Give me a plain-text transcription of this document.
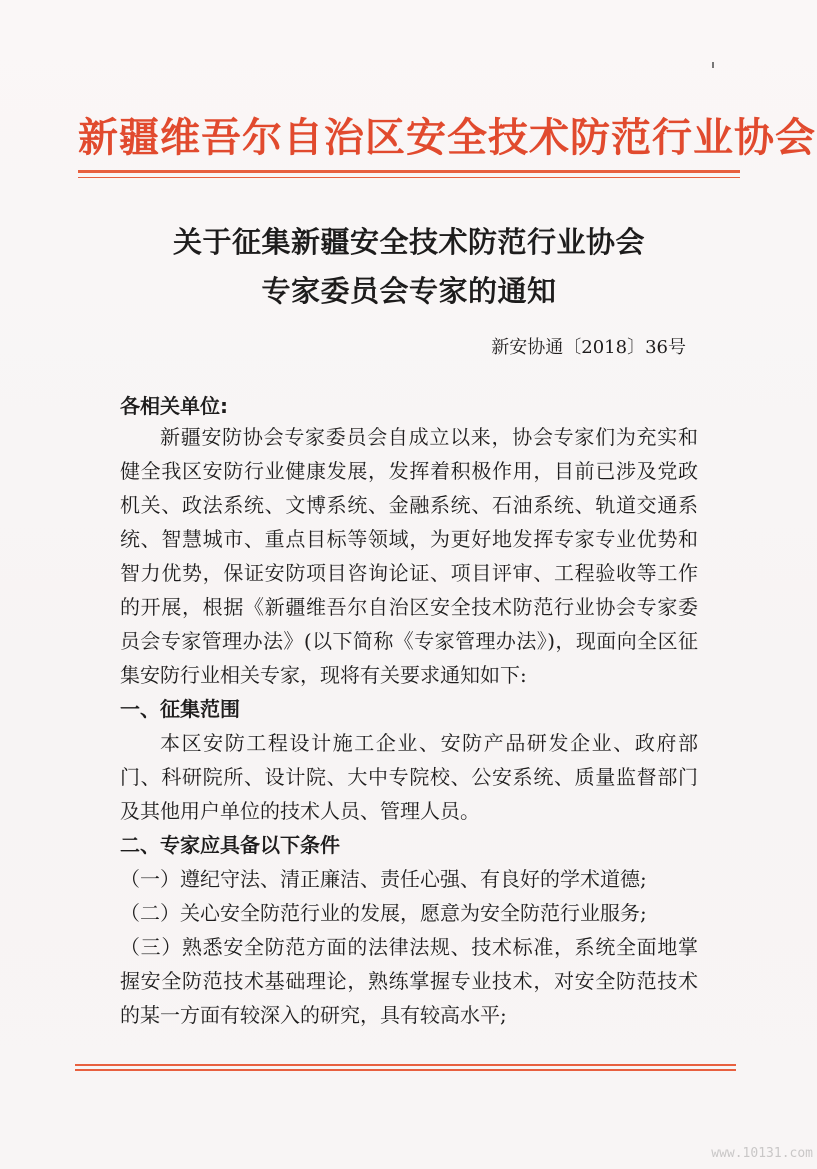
新疆维吾尔自治区安全技术防范行业协会
关于征集新疆安全技术防范行业协会
专家委员会专家的通知
新安协通〔2018〕36号
各相关单位:

新疆安防协会专家委员会自成立以来，协会专家们为充实和健全我区安防行业健康发展，发挥着积极作用，目前已涉及党政机关、政法系统、文博系统、金融系统、石油系统、轨道交通系统、智慧城市、重点目标等领域，为更好地发挥专家专业优势和智力优势，保证安防项目咨询论证、项目评审、工程验收等工作的开展，根据《新疆维吾尔自治区安全技术防范行业协会专家委员会专家管理办法》(以下简称《专家管理办法》)，现面向全区征集安防行业相关专家，现将有关要求通知如下:

一、征集范围

本区安防工程设计施工企业、安防产品研发企业、政府部门、科研院所、设计院、大中专院校、公安系统、质量监督部门及其他用户单位的技术人员、管理人员。

二、专家应具备以下条件

（一）遵纪守法、清正廉洁、责任心强、有良好的学术道德;

（二）关心安全防范行业的发展，愿意为安全防范行业服务;

（三）熟悉安全防范方面的法律法规、技术标准，系统全面地掌握安全防范技术基础理论，熟练掌握专业技术，对安全防范技术的某一方面有较深入的研究，具有较高水平;

www.10131.com
